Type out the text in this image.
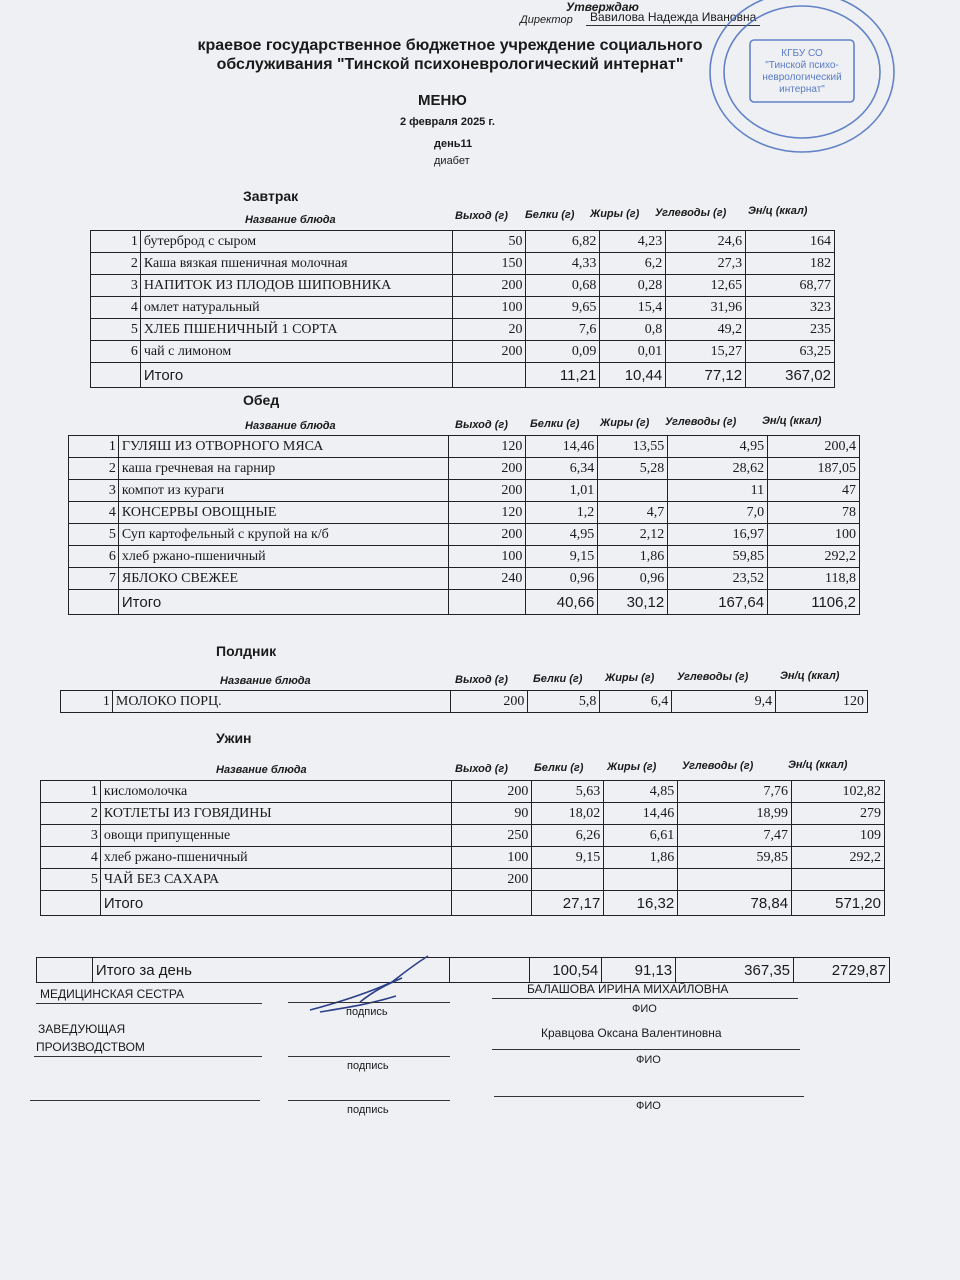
Утверждаю
Директор	Вавилова Надежда Ивановна
краевое государственное бюджетное учреждение социального обслуживания "Тинской психоневрологический интернат"
МЕНЮ
2 февраля 2025 г.
день11
диабет
КГБУ СО
"Тинской психо-
неврологический
интернат"
Завтрак
Название блюда	Выход (г) Белки (г) Жиры (г) Углеводы (г) Эн/ц (ккал)
1	бутерброд с сыром	50	6,82	4,23	24,6	164
2	Каша вязкая пшеничная молочная	150	4,33	6,2	27,3	182
3	НАПИТОК ИЗ ПЛОДОВ ШИПОВНИКА	200	0,68	0,28	12,65	68,77
4	омлет натуральный	100	9,65	15,4	31,96	323
5	ХЛЕБ ПШЕНИЧНЫЙ 1 СОРТА	20	7,6	0,8	49,2	235
6	чай с лимоном	200	0,09	0,01	15,27	63,25
	Итого		11,21	10,44	77,12	367,02
Обед
Название блюда	Выход (г) Белки (г) Жиры (г) Углеводы (г) Эн/ц (ккал)
1	ГУЛЯШ ИЗ ОТВОРНОГО МЯСА	120	14,46	13,55	4,95	200,4
2	каша гречневая на гарнир	200	6,34	5,28	28,62	187,05
3	компот из кураги	200	1,01		11	47
4	КОНСЕРВЫ ОВОЩНЫЕ	120	1,2	4,7	7,0	78
5	Суп картофельный с крупой на к/б	200	4,95	2,12	16,97	100
6	хлеб ржано-пшеничный	100	9,15	1,86	59,85	292,2
7	ЯБЛОКО СВЕЖЕЕ	240	0,96	0,96	23,52	118,8
	Итого		40,66	30,12	167,64	1106,2
Полдник
Название блюда	Выход (г) Белки (г) Жиры (г) Углеводы (г)	Эн/ц (ккал)
1	МОЛОКО ПОРЦ.	200	5,8	6,4	9,4	120
Ужин
Название блюда	Выход (г) Белки (г) Жиры (г) Углеводы (г)	Эн/ц (ккал)
1	кисломолочка	200	5,63	4,85	7,76	102,82
2	КОТЛЕТЫ ИЗ ГОВЯДИНЫ	90	18,02	14,46	18,99	279
3	овощи припущенные	250	6,26	6,61	7,47	109
4	хлеб ржано-пшеничный	100	9,15	1,86	59,85	292,2
5	ЧАЙ БЕЗ САХАРА	200				
	Итого		27,17	16,32	78,84	571,20
	Итого за день		100,54	91,13	367,35	2729,87
МЕДИЦИНСКАЯ СЕСТРА
подпись
БАЛАШОВА ИРИНА МИХАЙЛОВНА
ФИО
ЗАВЕДУЮЩАЯ
ПРОИЗВОДСТВОМ
подпись
Кравцова Оксана Валентиновна
ФИО
подпись	ФИО
